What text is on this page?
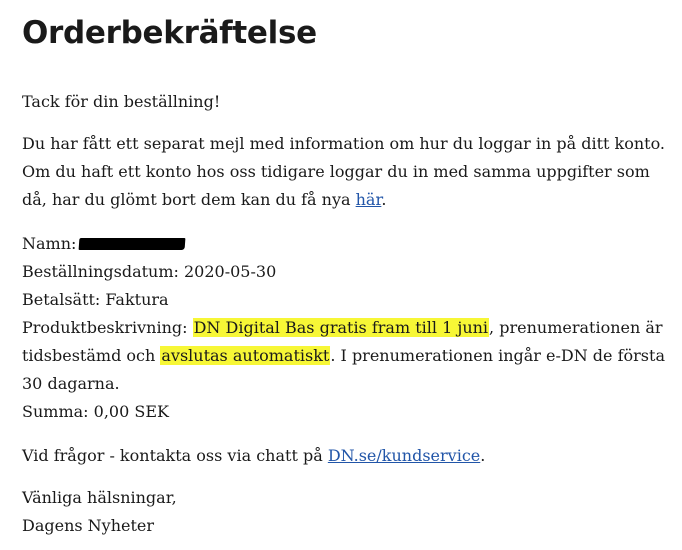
Orderbekräftelse

Tack för din beställning!

Du har fått ett separat mejl med information om hur du loggar in på ditt konto. Om du haft ett konto hos oss tidigare loggar du in med samma uppgifter som då, har du glömt bort dem kan du få nya här.

Namn:
Beställningsdatum: 2020-05-30
Betalsätt: Faktura
Produktbeskrivning: DN Digital Bas gratis fram till 1 juni, prenumerationen är tidsbestämd och avslutas automatiskt. I prenumerationen ingår e-DN de första 30 dagarna.
Summa: 0,00 SEK

Vid frågor - kontakta oss via chatt på DN.se/kundservice.

Vänliga hälsningar,
Dagens Nyheter
